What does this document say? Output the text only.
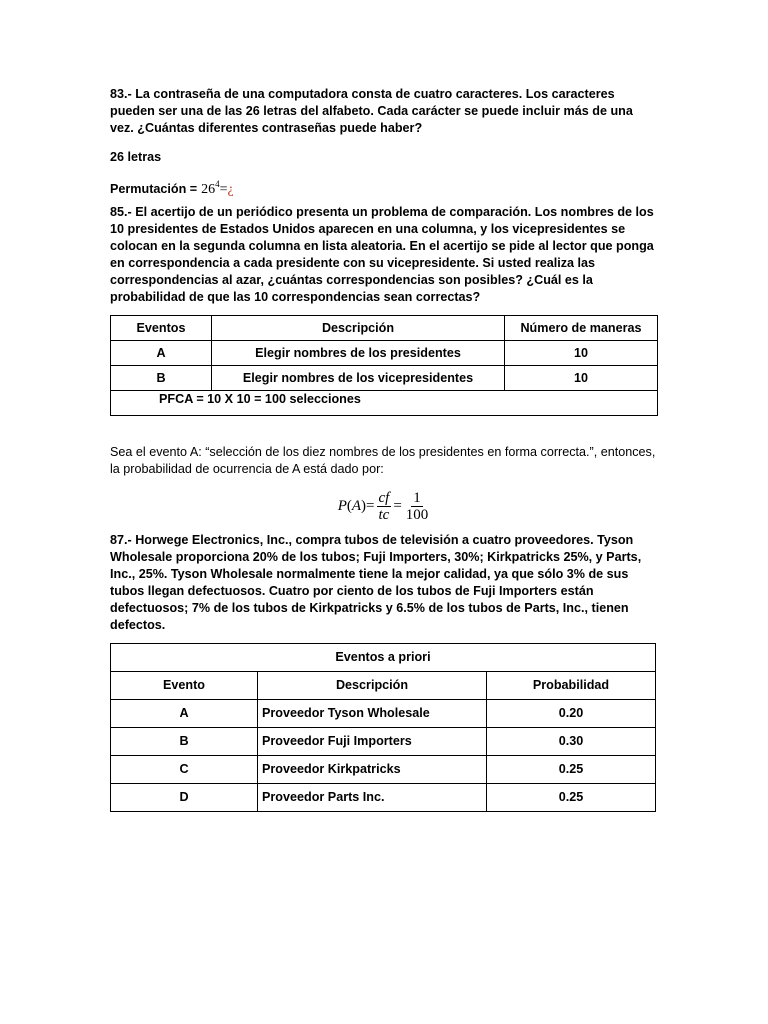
83.- La contraseña de una computadora consta de cuatro caracteres. Los caracteres pueden ser una de las 26 letras del alfabeto. Cada carácter se puede incluir más de una vez. ¿Cuántas diferentes contraseñas puede haber?

26 letras

Permutación = $26^4=¿$

85.- El acertijo de un periódico presenta un problema de comparación. Los nombres de los 10 presidentes de Estados Unidos aparecen en una columna, y los vicepresidentes se colocan en la segunda columna en lista aleatoria. En el acertijo se pide al lector que ponga en correspondencia a cada presidente con su vicepresidente. Si usted realiza las correspondencias al azar, ¿cuántas correspondencias son posibles? ¿Cuál es la probabilidad de que las 10 correspondencias sean correctas?

Eventos	Descripción	Número de maneras
A	Elegir nombres de los presidentes	10
B	Elegir nombres de los vicepresidentes	10
PFCA = 10 X 10 = 100 selecciones		

Sea el evento A: “selección de los diez nombres de los presidentes en forma correcta.”, entonces, la probabilidad de ocurrencia de A está dado por:

P ( A ) = $\frac{cf}{tc} = \frac{1}{100}$

87.- Horwege Electronics, Inc., compra tubos de televisión a cuatro proveedores. Tyson Wholesale proporciona 20% de los tubos; Fuji Importers, 30%; Kirkpatricks 25%, y Parts, Inc., 25%. Tyson Wholesale normalmente tiene la mejor calidad, ya que sólo 3% de sus tubos llegan defectuosos. Cuatro por ciento de los tubos de Fuji Importers están defectuosos; 7% de los tubos de Kirkpatricks y 6.5% de los tubos de Parts, Inc., tienen defectos.

Eventos a priori		
Evento	Descripción	Probabilidad
A	Proveedor Tyson Wholesale	0.20
B	Proveedor Fuji Importers	0.30
C	Proveedor Kirkpatricks	0.25
D	Proveedor Parts Inc.	0.25
